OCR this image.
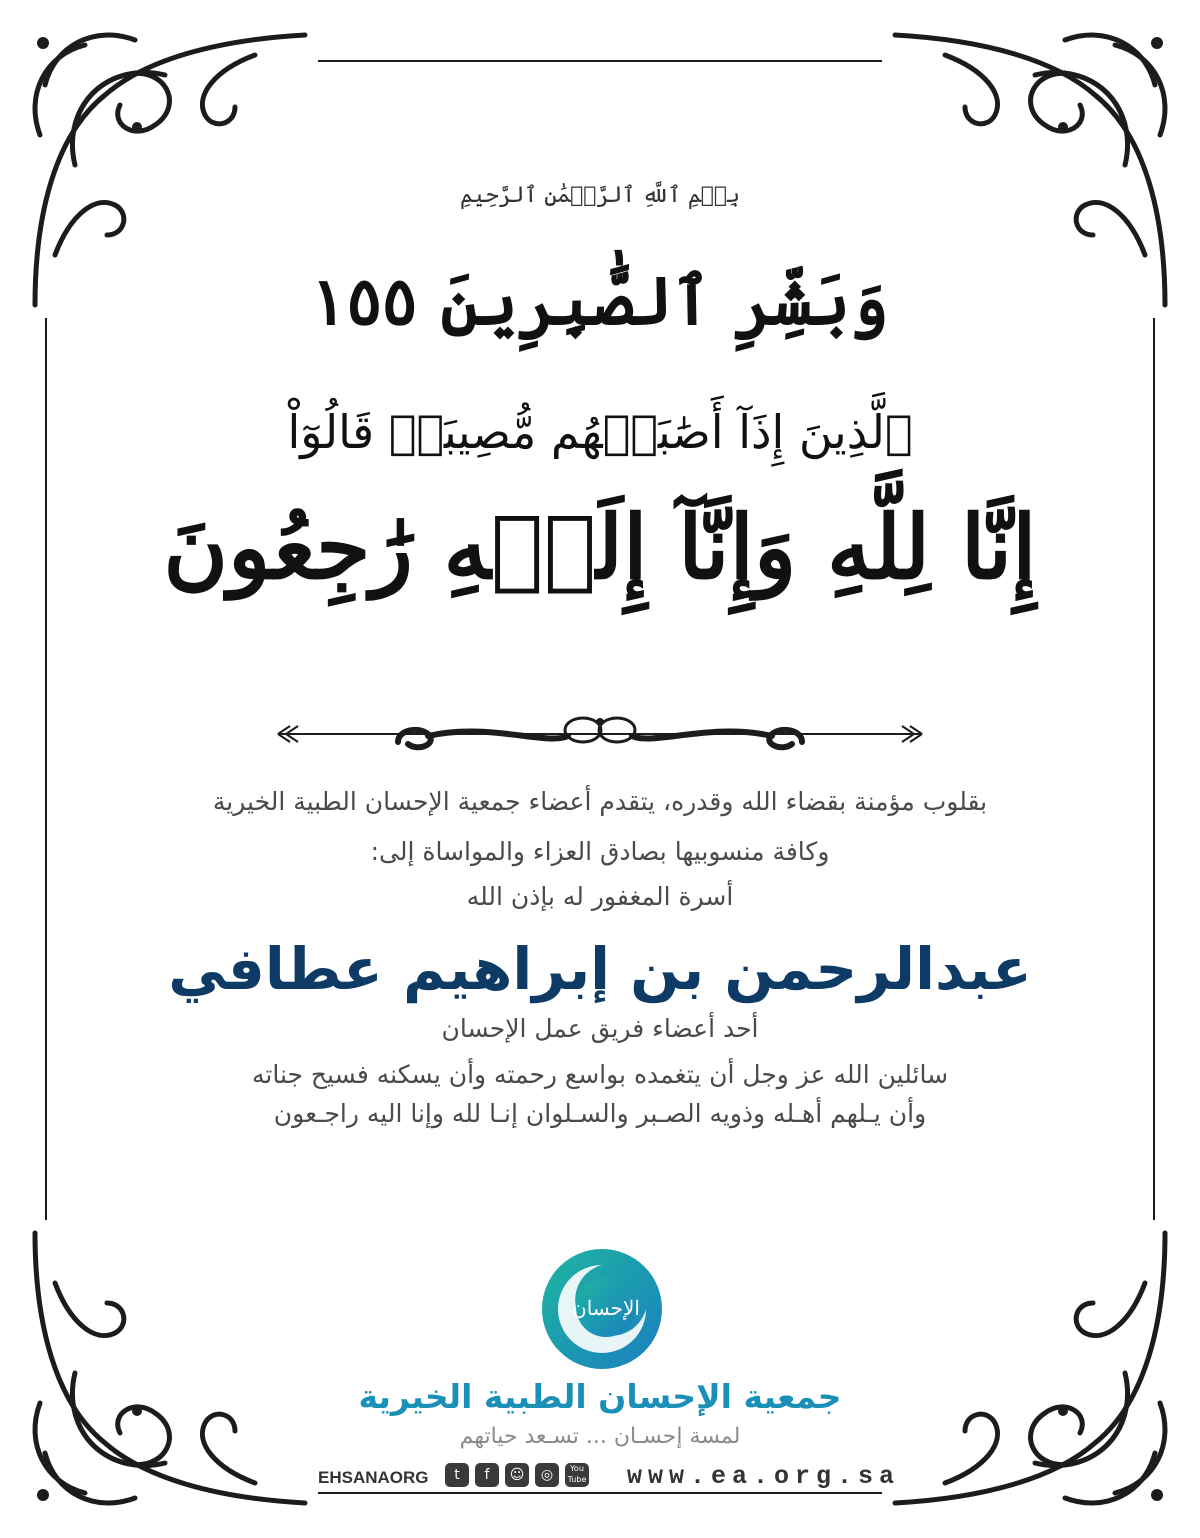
بِسۡمِ ٱللَّهِ ٱلرَّحۡمَٰنِ ٱلرَّحِيمِ
وَبَشِّرِ ٱلصَّٰبِرِينَ ١٥٥
ٱلَّذِينَ إِذَآ أَصَٰبَتۡهُم مُّصِيبَةٞ قَالُوٓاْ
إِنَّا لِلَّهِ وَإِنَّآ إِلَيۡهِ رَٰجِعُونَ
بقلوب مؤمنة بقضاء الله وقدره، يتقدم أعضاء جمعية الإحسان الطبية الخيرية
وكافة منسوبيها بصادق العزاء والمواساة إلى:
أسرة المغفور له بإذن الله
عبدالرحمن بن إبراهيم عطافي
أحد أعضاء فريق عمل الإحسان
سائلين الله عز وجل أن يتغمده بواسع رحمته وأن يسكنه فسيح جناته
وأن يـلهم أهـله وذويه الصـبر والسـلوان إنـا لله وإنا اليه راجـعون
الإحسان
جمعية الإحسان الطبية الخيرية
لمسة إحسـان ... تسـعد حياتهم
EHSANAORG	t	f	☺	◎	You Tube www.ea.org.sa
